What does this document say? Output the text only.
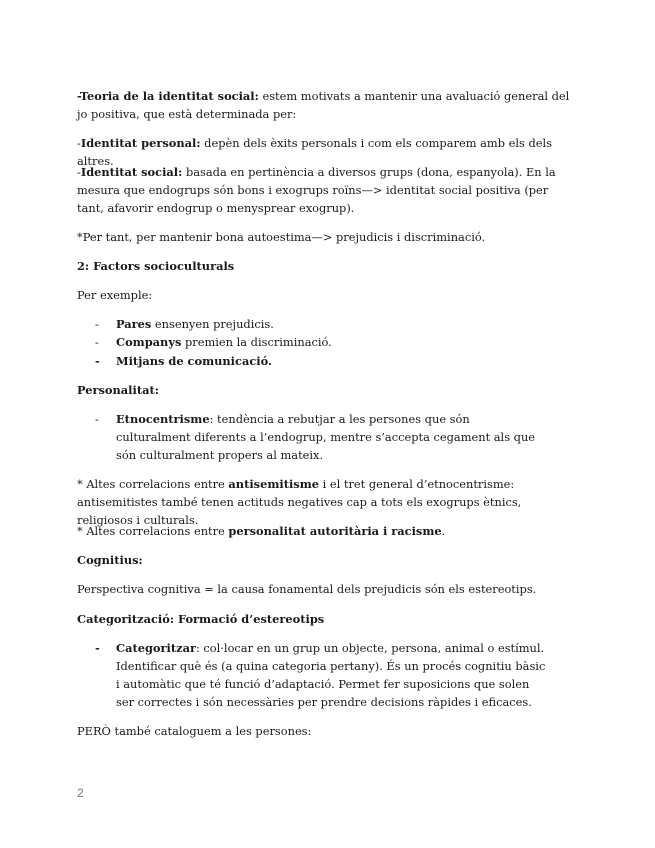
-Teoria de la identitat social: estem motivats a mantenir una avaluació general del jo positiva, que està determinada per:

-Identitat personal: depèn dels èxits personals i com els comparem amb els dels altres.

-Identitat social: basada en pertinència a diversos grups (dona, espanyola). En la mesura que endogrups són bons i exogrups roïns—> identitat social positiva (per tant, afavorir endogrup o menysprear exogrup).

*Per tant, per mantenir bona autoestima—> prejudicis i discriminació.

2: Factors socioculturals

Per exemple:

- Pares ensenyen prejudicis.
- Companys premien la discriminació.
- Mitjans de comunicació.

Personalitat:

- Etnocentrisme: tendència a rebutjar a les persones que són culturalment diferents a l’endogrup, mentre s’accepta cegament als que són culturalment propers al mateix.

* Altes correlacions entre antisemitisme i el tret general d’etnocentrisme: antisemitistes també tenen actituds negatives cap a tots els exogrups ètnics, religiosos i culturals.

* Altes correlacions entre personalitat autoritària i racisme.

Cognitius:

Perspectiva cognitiva = la causa fonamental dels prejudicis són els estereotips.

Categorització: Formació d’estereotips

- Categoritzar: col·locar en un grup un objecte, persona, animal o estímul. Identificar què és (a quina categoria pertany). És un procés cognitiu bàsic i automàtic que té funció d’adaptació. Permet fer suposicions que solen ser correctes i són necessàries per prendre decisions ràpides i eficaces.

PERÒ també cataloguem a les persones:

2
